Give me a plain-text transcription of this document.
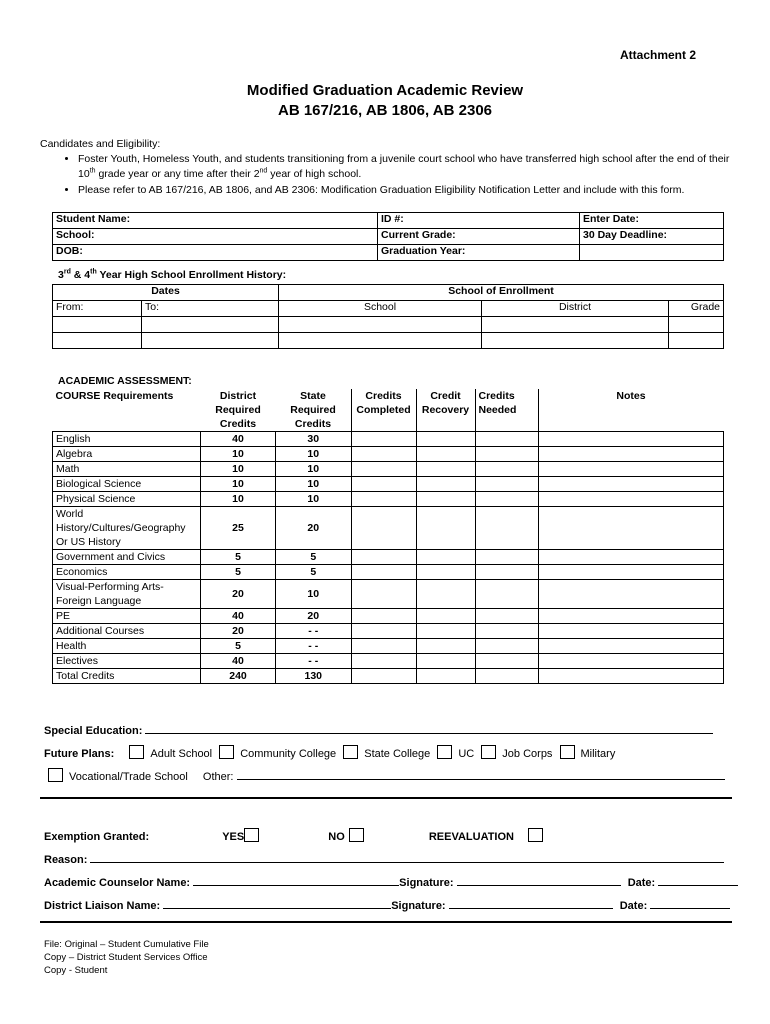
Attachment 2
Modified Graduation Academic Review
AB 167/216, AB 1806, AB 2306
Candidates and Eligibility:
• Foster Youth, Homeless Youth, and students transitioning from a juvenile court school who have transferred high school after the end of their 10th grade year or any time after their 2nd year of high school.
• Please refer to AB 167/216, AB 1806, and AB 2306: Modification Graduation Eligibility Notification Letter and include with this form.
Student Name:	ID #:	Enter Date:
School:	Current Grade:	30 Day Deadline:
DOB:	Graduation Year:	
3rd & 4th Year High School Enrollment History:
Dates		School of Enrollment		
From:	To:	School	District	Grade

ACADEMIC ASSESSMENT:
COURSE Requirements	District Required Credits	State Required Credits	Credits Completed	Credit Recovery	Credits Needed	Notes
English	40	30				
Algebra	10	10				
Math	10	10				
Biological Science	10	10				
Physical Science	10	10				
World History/Cultures/Geography Or US History	25	20				
Government and Civics	5	5				
Economics	5	5				
Visual-Performing Arts-Foreign Language	20	10				
PE	40	20				
Additional Courses	20	- -				
Health	5	- -				
Electives	40	- -				
Total Credits	240	130				
Special Education:
Future Plans:	Adult School	Community College	State College	UC	Job Corps	Military
Vocational/Trade School Other:
Exemption Granted:	YES	NO	REEVALUATION
Reason:
Academic Counselor Name:	Signature:	Date:
District Liaison Name:	Signature:	Date:
File: Original – Student Cumulative File
Copy – District Student Services Office
Copy - Student
